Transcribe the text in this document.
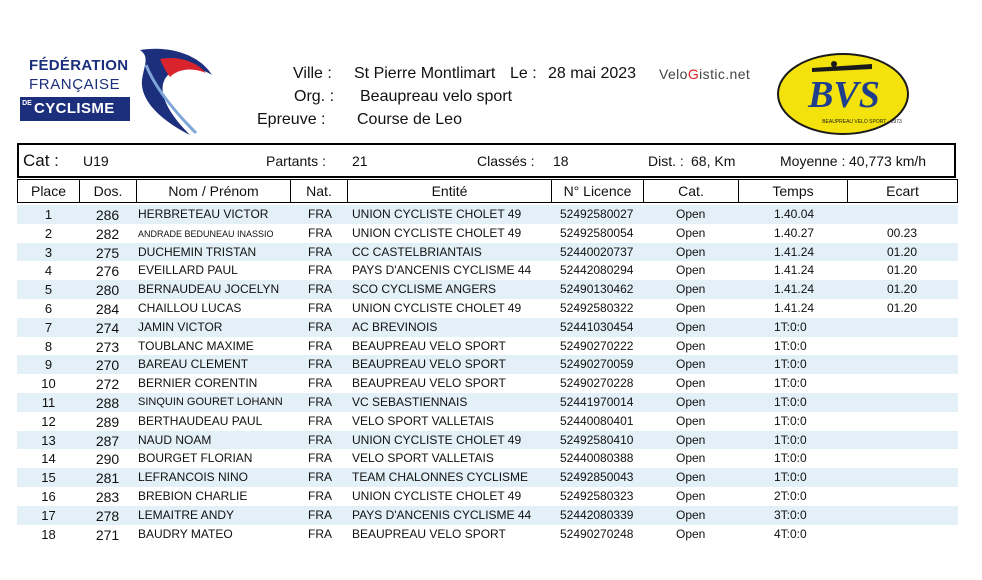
FÉDÉRATION
FRANÇAISE
DE CYCLISME
Ville : St Pierre Montlimart Le : 28 mai 2023
Org. : Beaupreau velo sport
Epreuve : Course de Leo
VeloGistic.net BVS
BEAUPREAU VELO SPORT - 1973
Cat : U19	Partants : 21	Classés : 18	Dist. : 68, Km	Moyenne : 40,773 km/h
Place	Dos.	Nom / Prénom	Nat.	Entité	N° Licence	Cat.	Temps	Ecart
1	286	HERBRETEAU VICTOR	FRA UNION CYCLISTE CHOLET 49	52492580027	Open	1.40.04
2	282	ANDRADE BEDUNEAU INASSIO	FRA UNION CYCLISTE CHOLET 49	52492580054	Open	1.40.27	00.23
3	275	DUCHEMIN TRISTAN	FRA CC CASTELBRIANTAIS	52440020737	Open	1.41.24	01.20
4	276	EVEILLARD PAUL	FRA PAYS D'ANCENIS CYCLISME 44 52442080294	Open	1.41.24	01.20
5	280	BERNAUDEAU JOCELYN FRA SCO CYCLISME ANGERS	52490130462	Open	1.41.24	01.20
6	284	CHAILLOU LUCAS	FRA UNION CYCLISTE CHOLET 49	52492580322	Open	1.41.24	01.20
7	274	JAMIN VICTOR	FRA AC BREVINOIS	52441030454	Open	1T:0:0
8	273	TOUBLANC MAXIME	FRA BEAUPREAU VELO SPORT	52490270222	Open	1T:0:0
9	270	BAREAU CLEMENT	FRA BEAUPREAU VELO SPORT	52490270059	Open	1T:0:0
10	272	BERNIER CORENTIN	FRA BEAUPREAU VELO SPORT	52490270228	Open	1T:0:0
11	288	SINQUIN GOURET LOHANN FRA VC SEBASTIENNAIS	52441970014	Open	1T:0:0
12	289	BERTHAUDEAU PAUL	FRA VELO SPORT VALLETAIS	52440080401	Open	1T:0:0
13	287	NAUD NOAM	FRA UNION CYCLISTE CHOLET 49	52492580410	Open	1T:0:0
14	290	BOURGET FLORIAN	FRA VELO SPORT VALLETAIS	52440080388	Open	1T:0:0
15	281	LEFRANCOIS NINO	FRA TEAM CHALONNES CYCLISME	52492850043	Open	1T:0:0
16	283	BREBION CHARLIE	FRA UNION CYCLISTE CHOLET 49	52492580323	Open	2T:0:0
17	278	LEMAITRE ANDY	FRA PAYS D'ANCENIS CYCLISME 44 52442080339	Open	3T:0:0
18	271	BAUDRY MATEO	FRA BEAUPREAU VELO SPORT	52490270248	Open	4T:0:0
